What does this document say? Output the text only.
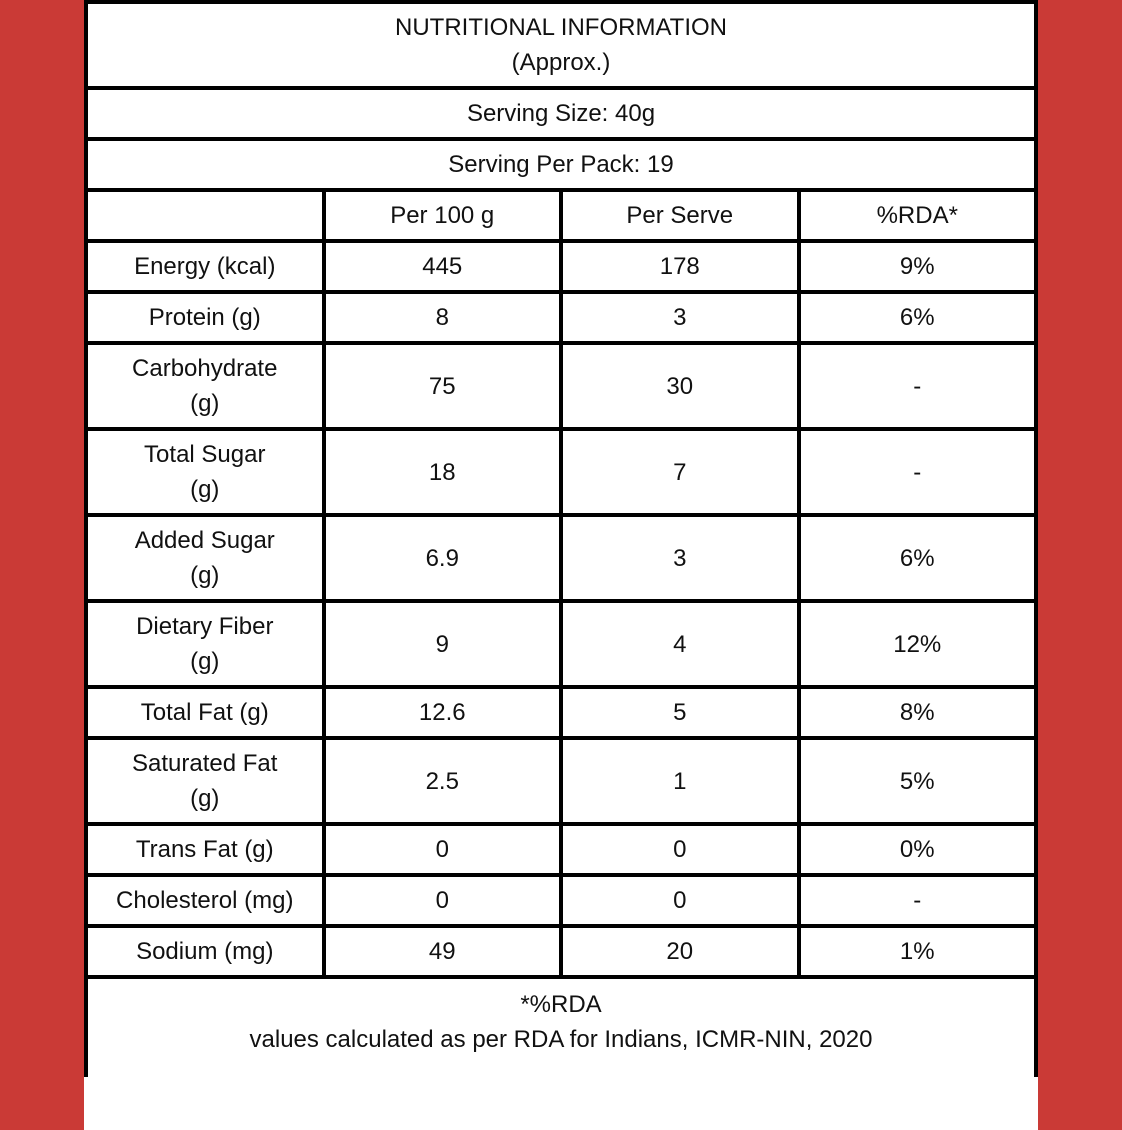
NUTRITIONAL INFORMATION
(Approx.)			

Serving Size: 40g			
Serving Per Pack: 19			
	Per 100 g	Per Serve	%RDA*

Energy (kcal)	445	178	9%

Protein (g)	8	3	6%

Carbohydrate
(g)	75	30	-

Total Sugar
(g)	18	7	-

Added Sugar
(g)	6.9	3	6%

Dietary Fiber
(g)	9	4	12%

Total Fat (g)	12.6	5	8%

Saturated Fat
(g)	2.5	1	5%

Trans Fat (g)	0	0	0%

Cholesterol (mg)	0	0	-

Sodium (mg)	49	20	1%

*%RDA
values calculated as per RDA for Indians, ICMR-NIN, 2020			
